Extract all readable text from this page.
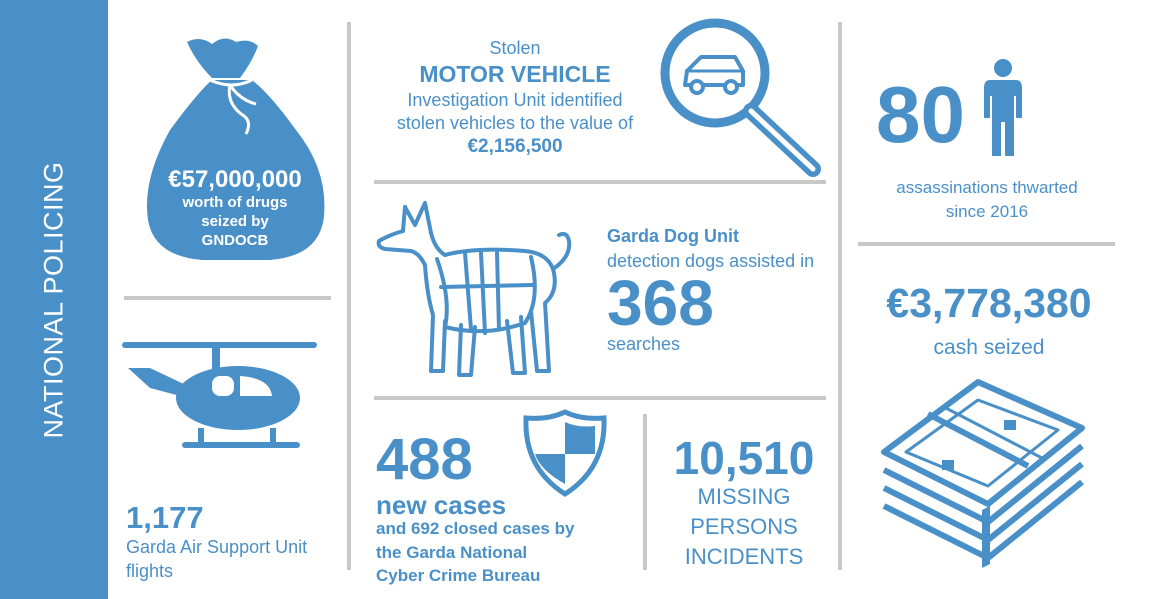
NATIONAL POLICING	€57,000,000
worth of drugs
seized by
GNDOCB
1,177
Garda Air Support Unit
flights
Stolen
MOTOR VEHICLE
Investigation Unit identified
stolen vehicles to the value of
€2,156,500
Garda Dog Unit
detection dogs assisted in
368
searches
488
new cases
and 692 closed cases by
the Garda National
Cyber Crime Bureau
10,510
MISSING
PERSONS
INCIDENTS
80
assassinations thwarted
since 2016
€3,778,380
cash seized
